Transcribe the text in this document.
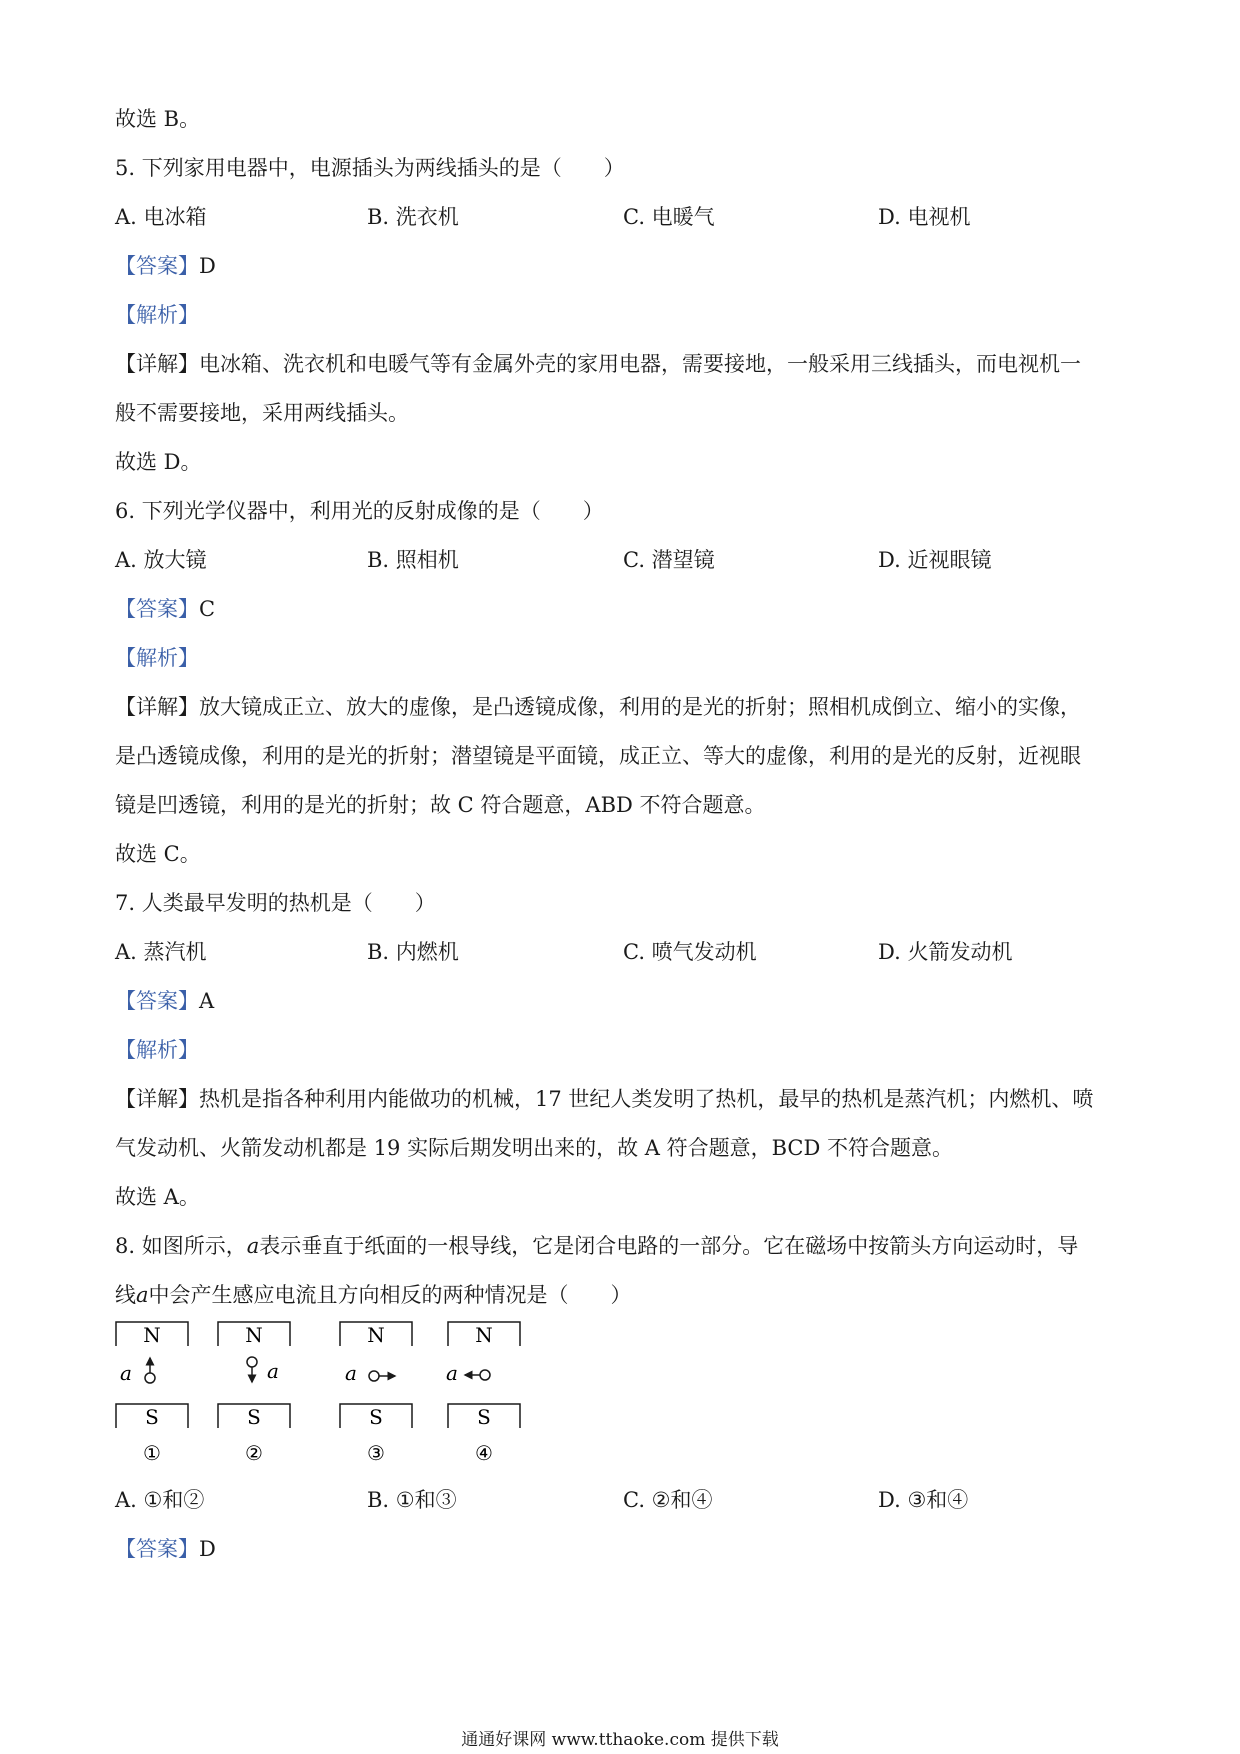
故选 B。
5. 下列家用电器中，电源插头为两线插头的是（　　）
A. 电冰箱	B. 洗衣机	C. 电暖气	D. 电视机
【答案】D
【解析】
【详解】电冰箱、洗衣机和电暖气等有金属外壳的家用电器，需要接地，一般采用三线插头，而电视机一
般不需要接地，采用两线插头。
故选 D。
6. 下列光学仪器中，利用光的反射成像的是（　　）
A. 放大镜	B. 照相机	C. 潜望镜	D. 近视眼镜
【答案】C
【解析】
【详解】放大镜成正立、放大的虚像，是凸透镜成像，利用的是光的折射；照相机成倒立、缩小的实像，
是凸透镜成像，利用的是光的折射；潜望镜是平面镜，成正立、等大的虚像，利用的是光的反射，近视眼
镜是凹透镜，利用的是光的折射；故 C 符合题意，ABD 不符合题意。
故选 C。
7. 人类最早发明的热机是（　　）
A. 蒸汽机	B. 内燃机	C. 喷气发动机	D. 火箭发动机
【答案】A
【解析】
【详解】热机是指各种利用内能做功的机械，17 世纪人类发明了热机，最早的热机是蒸汽机；内燃机、喷
气发动机、火箭发动机都是 19 实际后期发明出来的，故 A 符合题意，BCD 不符合题意。
故选 A。
8. 如图所示，a表示垂直于纸面的一根导线，它是闭合电路的一部分。它在磁场中按箭头方向运动时，导
线a中会产生感应电流且方向相反的两种情况是（　　）
N
a
S
①
N
a
S
②
N
a
S
③
N
a
S
④
A. ①和②	B. ①和③	C. ②和④	D. ③和④
【答案】D
通通好课网 www.tthaoke.com 提供下载
